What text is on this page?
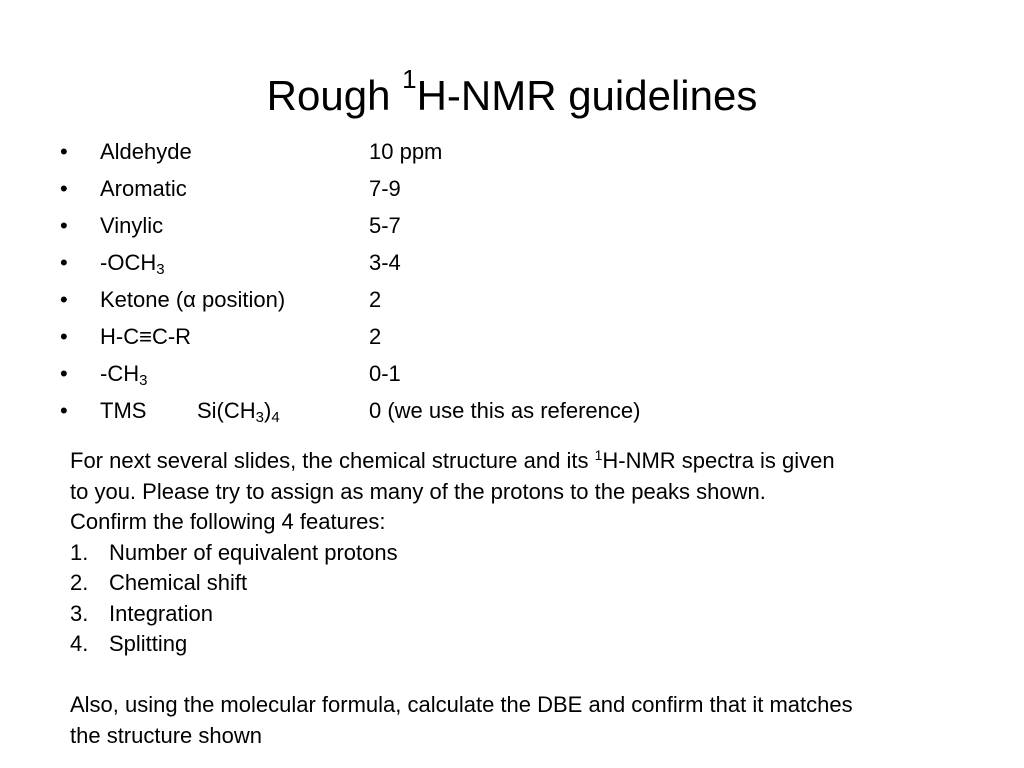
Rough $^1$H-NMR guidelines
• Aldehyde	10 ppm
• Aromatic	7-9
• Vinylic	5-7
• $-OCH_3$	3-4
• Ketone (α position)	2
• H-C≡C-R	2
• $-CH_3$	0-1
• TMS $Si(CH_3)_4$	0 (we use this as reference)
For next several slides, the chemical structure and its $^1$H-NMR spectra is given
to you. Please try to assign as many of the protons to the peaks shown.
Confirm the following 4 features:
1. Number of equivalent protons
2. Chemical shift
3. Integration
4. Splitting
Also, using the molecular formula, calculate the DBE and confirm that it matches
the structure shown
